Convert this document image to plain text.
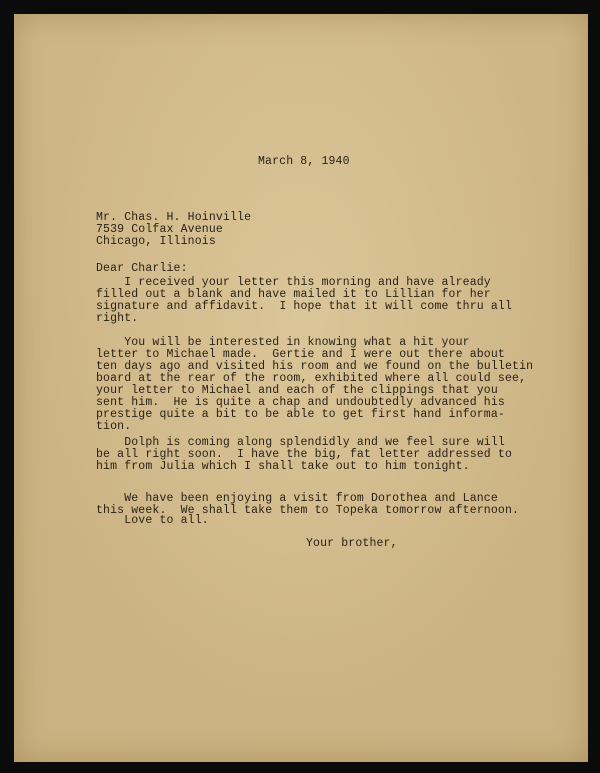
March 8, 1940
Mr. Chas. H. Hoinville
7539 Colfax Avenue
Chicago, Illinois
Dear Charlie:
I received your letter this morning and have already
filled out a blank and have mailed it to Lillian for her
signature and affidavit.  I hope that it will come thru all
right.
You will be interested in knowing what a hit your
letter to Michael made.  Gertie and I were out there about
ten days ago and visited his room and we found on the bulletin
board at the rear of the room, exhibited where all could see,
your letter to Michael and each of the clippings that you
sent him.  He is quite a chap and undoubtedly advanced his
prestige quite a bit to be able to get first hand informa-
tion.
Dolph is coming along splendidly and we feel sure will
be all right soon.  I have the big, fat letter addressed to
him from Julia which I shall take out to him tonight.
We have been enjoying a visit from Dorothea and Lance
this week.  We shall take them to Topeka tomorrow afternoon.
Love to all.
Your brother,
